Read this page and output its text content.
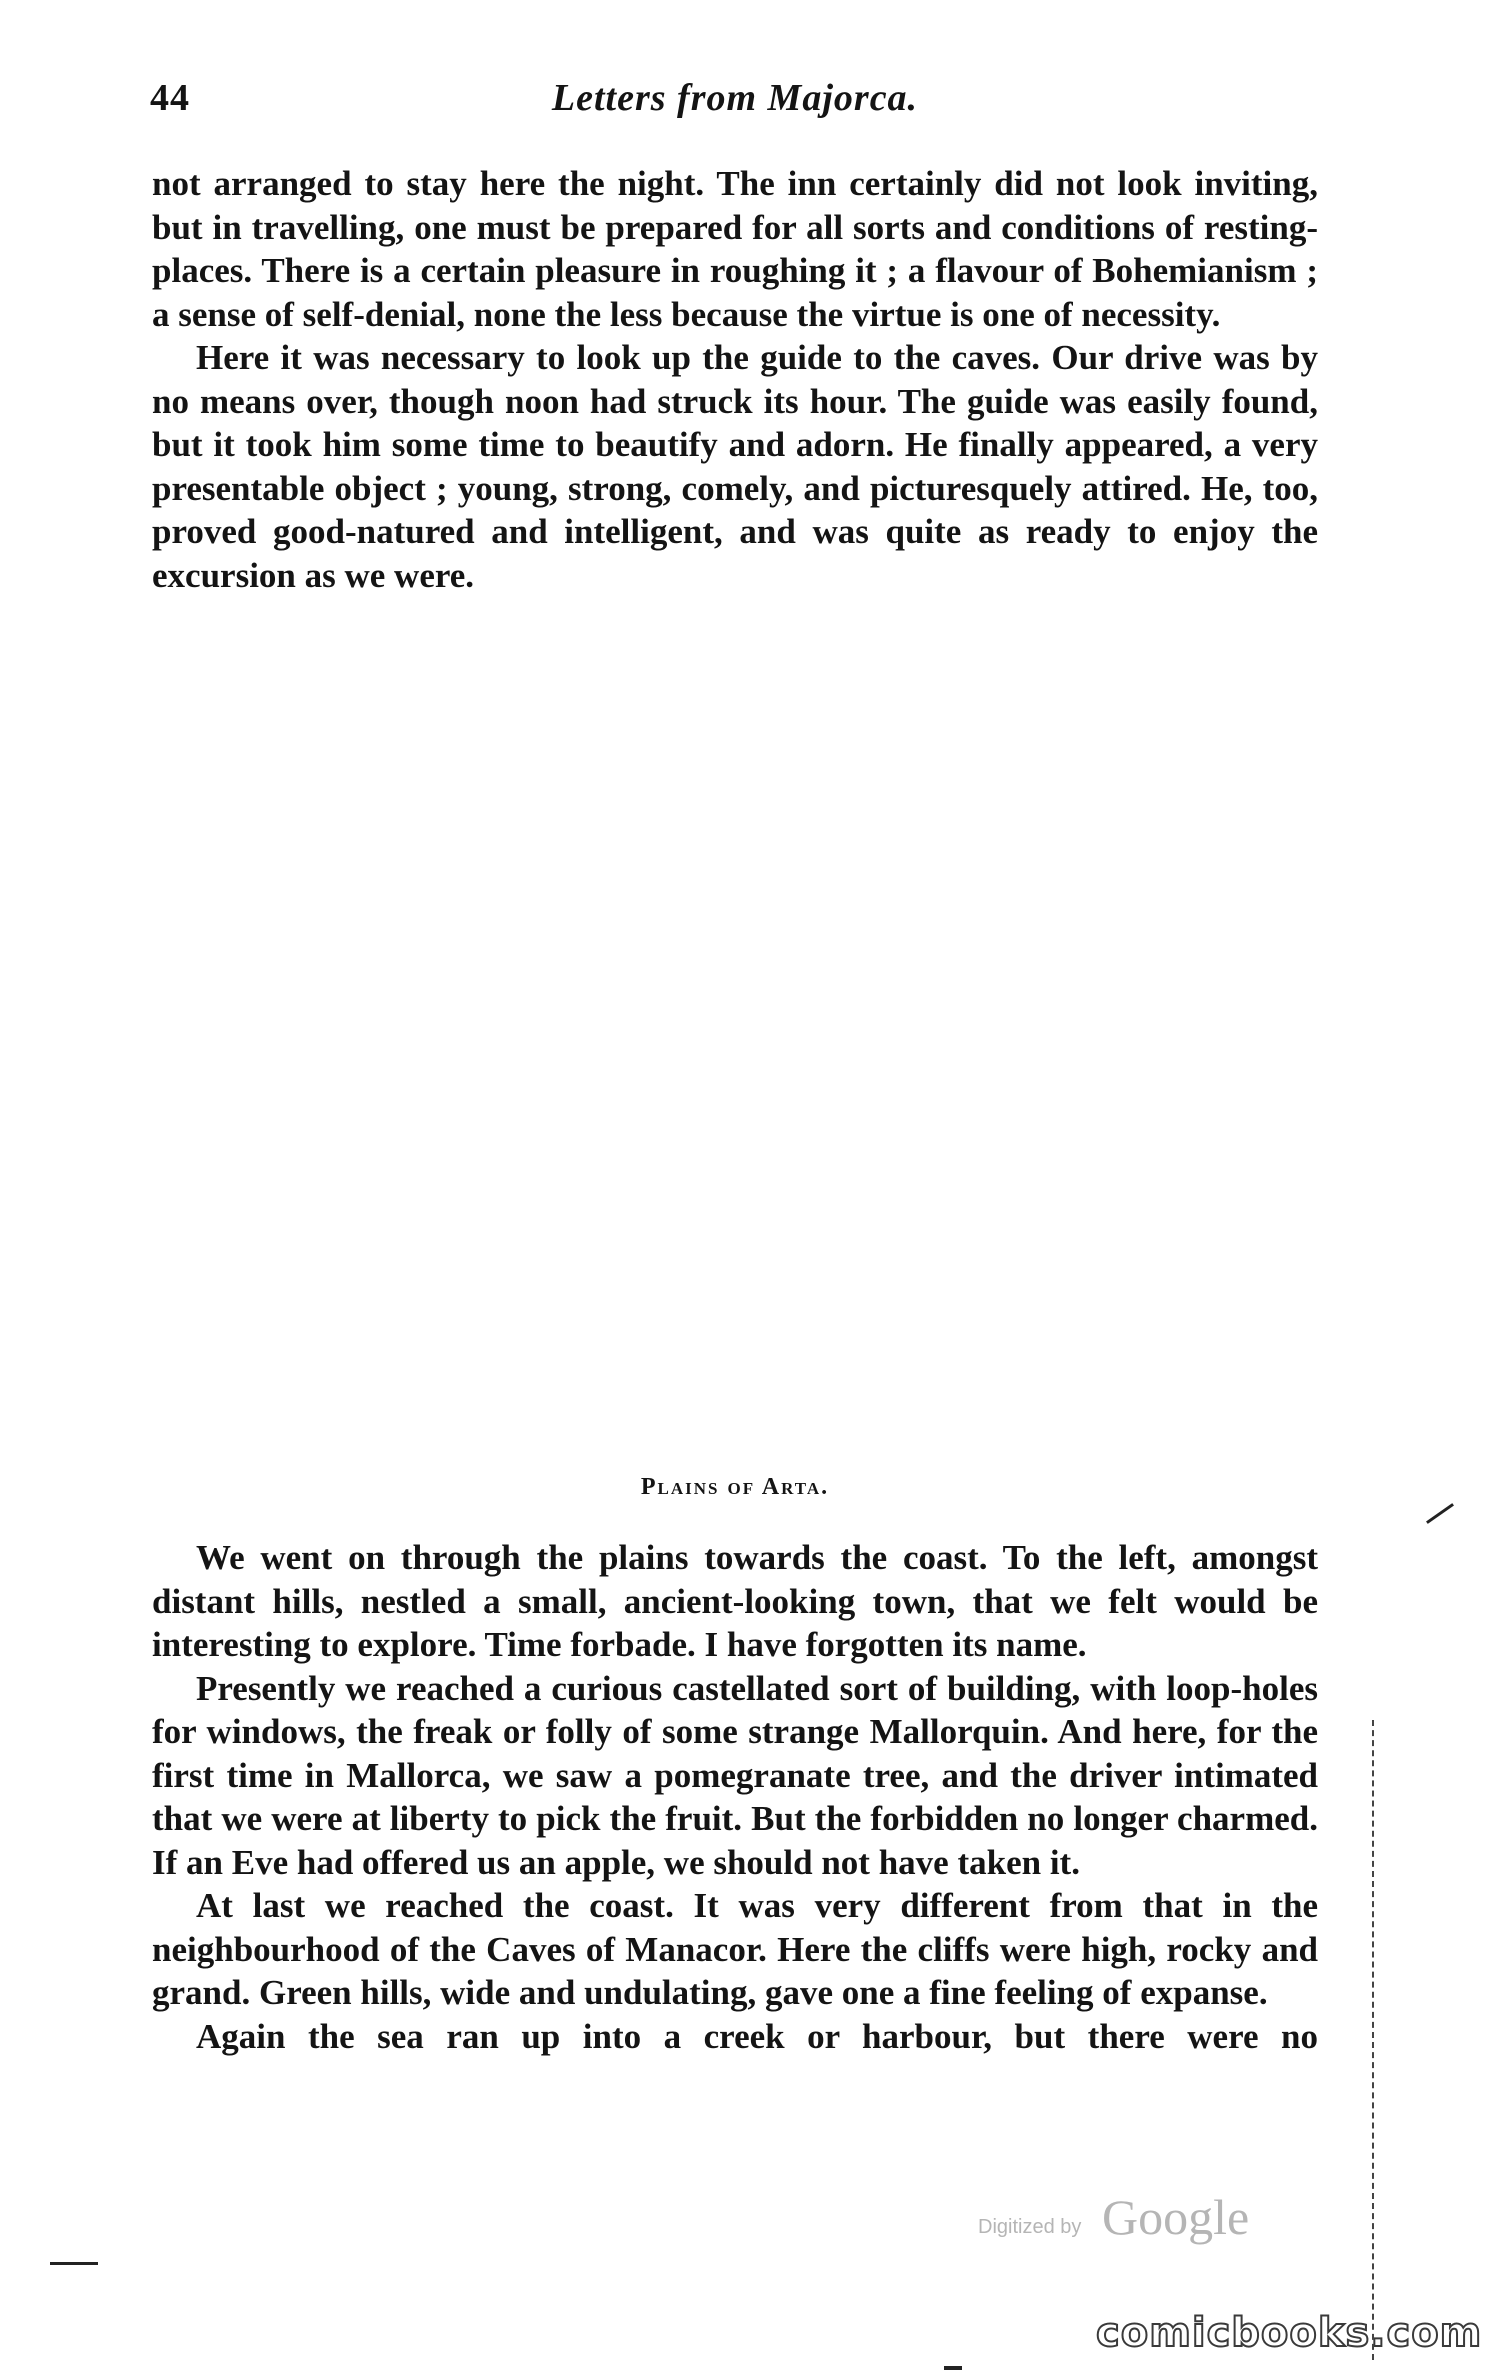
44	Letters from Majorca.

not arranged to stay here the night. The inn certainly did not look inviting, but in travelling, one must be prepared for all sorts and conditions of resting-places. There is a certain pleasure in roughing it ; a flavour of Bohemianism ; a sense of self-denial, none the less because the virtue is one of necessity.

Here it was necessary to look up the guide to the caves. Our drive was by no means over, though noon had struck its hour. The guide was easily found, but it took him some time to beautify and adorn. He finally appeared, a very presentable object ; young, strong, comely, and picturesquely attired. He, too, proved good-natured and intelligent, and was quite as ready to enjoy the excursion as we were.

Plains of Arta.

We went on through the plains towards the coast. To the left, amongst distant hills, nestled a small, ancient-looking town, that we felt would be interesting to explore. Time forbade. I have forgotten its name.

Presently we reached a curious castellated sort of building, with loop-holes for windows, the freak or folly of some strange Mallorquin. And here, for the first time in Mallorca, we saw a pomegranate tree, and the driver intimated that we were at liberty to pick the fruit. But the forbidden no longer charmed. If an Eve had offered us an apple, we should not have taken it.

At last we reached the coast. It was very different from that in the neighbourhood of the Caves of Manacor. Here the cliffs were high, rocky and grand. Green hills, wide and undulating, gave one a fine feeling of expanse.

Again the sea ran up into a creek or harbour, but there were no

Digitized by Google
comicbooks.com
